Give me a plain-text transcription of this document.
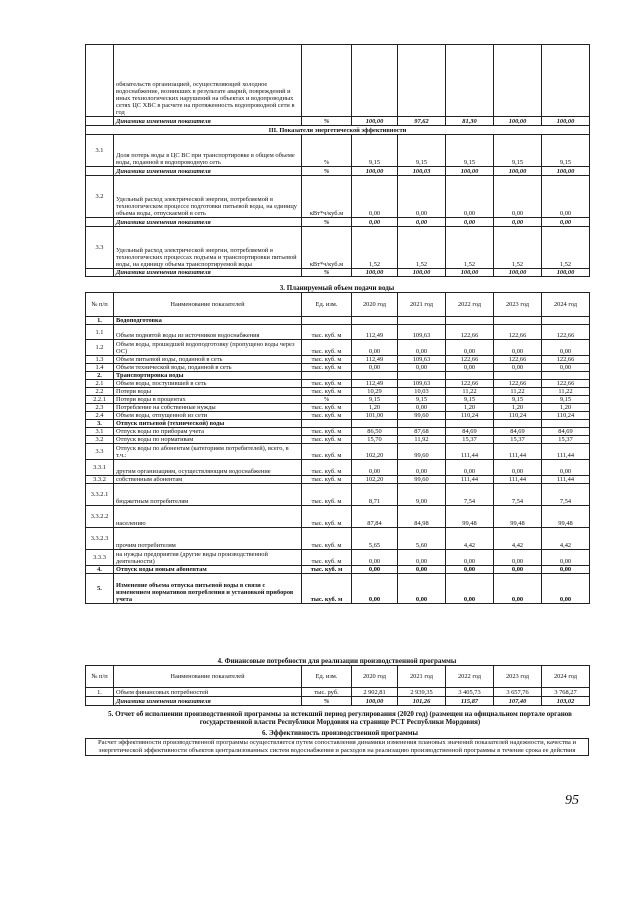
	обязательств организацией, осуществляющей холодное водоснабжение, возникших в результате аварий, повреждений и иных технологических нарушений на объектах и водопроводных сетях ЦС ХВС в расчете на протяженность водопроводной сети в год						
	Динамика изменения показателя	%	100,00	97,62	81,30	100,00	100,00
III. Показатели энергетической эффективности							
3.1	Доля потерь воды в ЦС ВС при транспортировке в общем объеме воды, поданной в водопроводную сеть	%	9,15	9,15	9,15	9,15	9,15
	Динамика изменения показателя	%	100,00	100,03	100,00	100,00	100,00
3.2	Удельный расход электрической энергии, потребляемой в технологическом процессе подготовки питьевой воды, на единицу объема воды, отпускаемой в сеть	кВт*ч/куб.м	0,00	0,00	0,00	0,00	0,00
	Динамика изменения показателя	%	0,00	0,00	0,00	0,00	0,00
3.3	Удельный расход электрической энергии, потребляемой в технологических процессах подъема и транспортировки питьевой воды, на единицу объема транспортируемой воды	кВт*ч/куб.м	1,52	1,52	1,52	1,52	1,52
	Динамика изменения показателя	%	100,00	100,00	100,00	100,00	100,00
3. Планируемый объем подачи воды
№ п/п	Наименование показателей	Ед. изм.	2020 год	2021 год	2022 год	2023 год	2024 год
1.	Водоподготовка						
1.1	Объем поднятой воды из источников водоснабжения	тыс. куб. м	112,49	109,63	122,66	122,66	122,66
1.2	Объем воды, прошедшей водоподготовку (пропущено воды через ОС)	тыс. куб. м	0,00	0,00	0,00	0,00	0,00
1.3	Объем питьевой воды, поданной в сеть	тыс. куб. м	112,49	109,63	122,66	122,66	122,66
1.4	Объем технической воды, поданной в сеть	тыс. куб. м	0,00	0,00	0,00	0,00	0,00
2.	Транспортировка воды						
2.1	Объем воды, поступившей в сеть	тыс. куб. м	112,49	109,63	122,66	122,66	122,66
2.2	Потери воды	тыс. куб. м	10,29	10,03	11,22	11,22	11,22
2.2.1	Потери воды в процентах	%	9,15	9,15	9,15	9,15	9,15
2.3	Потребление на собственные нужды	тыс. куб. м	1,20	0,00	1,20	1,20	1,20
2.4	Объем воды, отпущенной из сети	тыс. куб. м	101,00	99,60	110,24	110,24	110,24
3.	Отпуск питьевой (технической) воды						
3.1	Отпуск воды по приборам учета	тыс. куб. м	86,50	87,68	84,69	84,69	84,69
3.2	Отпуск воды по нормативам	тыс. куб. м	15,70	11,92	15,37	15,37	15,37
3.3	Отпуск воды по абонентам (категориям потребителей), всего, в т.ч.:	тыс. куб. м	102,20	99,60	111,44	111,44	111,44
3.3.1	другим организациям, осуществляющим водоснабжение	тыс. куб. м	0,00	0,00	0,00	0,00	0,00
3.3.2	собственным абонентам	тыс. куб. м	102,20	99,60	111,44	111,44	111,44
3.3.2.1	бюджетным потребителям	тыс. куб. м	8,71	9,00	7,54	7,54	7,54
3.3.2.2	населению	тыс. куб. м	87,84	84,98	99,48	99,48	99,48
3.3.2.3	прочим потребителям	тыс. куб. м	5,65	5,60	4,42	4,42	4,42
3.3.3	на нужды предприятия (другие виды производственной деятельности)	тыс. куб. м	0,00	0,00	0,00	0,00	0,00
4.	Отпуск воды новым абонентам	тыс. куб. м	0,00	0,00	0,00	0,00	0,00
5.	Изменение объема отпуска питьевой воды в связи с изменением нормативов потребления и установкой приборов учета	тыс. куб. м	0,00	0,00	0,00	0,00	0,00
4. Финансовые потребности для реализации производственной программы
№ п/п	Наименование показателей	Ед. изм.	2020 год	2021 год	2022 год	2023 год	2024 год
1.	Объем финансовых потребностей	тыс. руб.	2 902,81	2 939,35	3 405,73	3 657,76	3 768,27
	Динамика изменения показателя	%	100,00	101,26	115,87	107,40	103,02
5. Отчет об исполнении производственной программы за истекший период регулирования (2020 год) (размещен на официальном портале органов государственной власти Республики Мордовия на странице РСТ Республики Мордовия)
6. Эффективность производственной программы
Расчет эффективности производственной программы осуществляется путем сопоставления динамики изменения плановых значений показателей надежности, качества и энергетической эффективности объектов централизованных систем водоснабжения и расходов на реализацию производственной программы в течение срока ее действия
95
